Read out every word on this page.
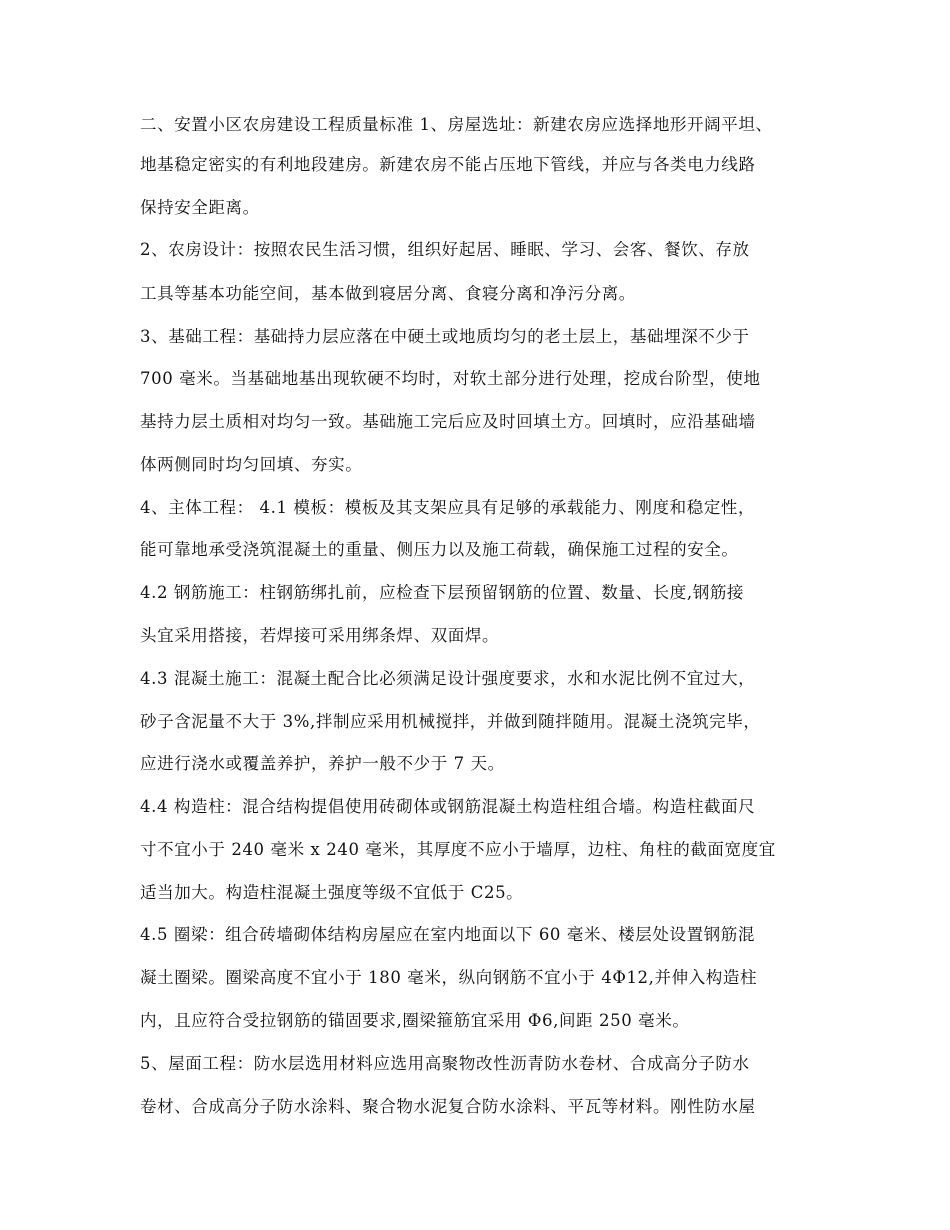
二、安置小区农房建设工程质量标准 1、房屋选址：新建农房应选择地形开阔平坦、
地基稳定密实的有利地段建房。新建农房不能占压地下管线，并应与各类电力线路
保持安全距离。
2、农房设计：按照农民生活习惯，组织好起居、睡眠、学习、会客、餐饮、存放
工具等基本功能空间，基本做到寝居分离、食寝分离和净污分离。
3、基础工程：基础持力层应落在中硬土或地质均匀的老土层上，基础埋深不少于
700 毫米。当基础地基出现软硬不均时，对软土部分进行处理，挖成台阶型，使地
基持力层土质相对均匀一致。基础施工完后应及时回填土方。回填时，应沿基础墙
体两侧同时均匀回填、夯实。
4、主体工程： 4.1 模板：模板及其支架应具有足够的承载能力、刚度和稳定性，
能可靠地承受浇筑混凝土的重量、侧压力以及施工荷载，确保施工过程的安全。
4.2 钢筋施工：柱钢筋绑扎前，应检查下层预留钢筋的位置、数量、长度,钢筋接
头宜采用搭接，若焊接可采用绑条焊、双面焊。
4.3 混凝土施工：混凝土配合比必须满足设计强度要求，水和水泥比例不宜过大，
砂子含泥量不大于 3%,拌制应采用机械搅拌，并做到随拌随用。混凝土浇筑完毕，
应进行浇水或覆盖养护，养护一般不少于 7 天。
4.4 构造柱：混合结构提倡使用砖砌体或钢筋混凝土构造柱组合墙。构造柱截面尺
寸不宜小于 240 毫米 x 240 毫米，其厚度不应小于墙厚，边柱、角柱的截面宽度宜
适当加大。构造柱混凝土强度等级不宜低于 C25。
4.5 圈梁：组合砖墙砌体结构房屋应在室内地面以下 60 毫米、楼层处设置钢筋混
凝土圈梁。圈梁高度不宜小于 180 毫米，纵向钢筋不宜小于 4Φ12,并伸入构造柱
内，且应符合受拉钢筋的锚固要求,圈梁箍筋宜采用 Φ6,间距 250 毫米。
5、屋面工程：防水层选用材料应选用高聚物改性沥青防水卷材、合成高分子防水
卷材、合成高分子防水涂料、聚合物水泥复合防水涂料、平瓦等材料。刚性防水屋
